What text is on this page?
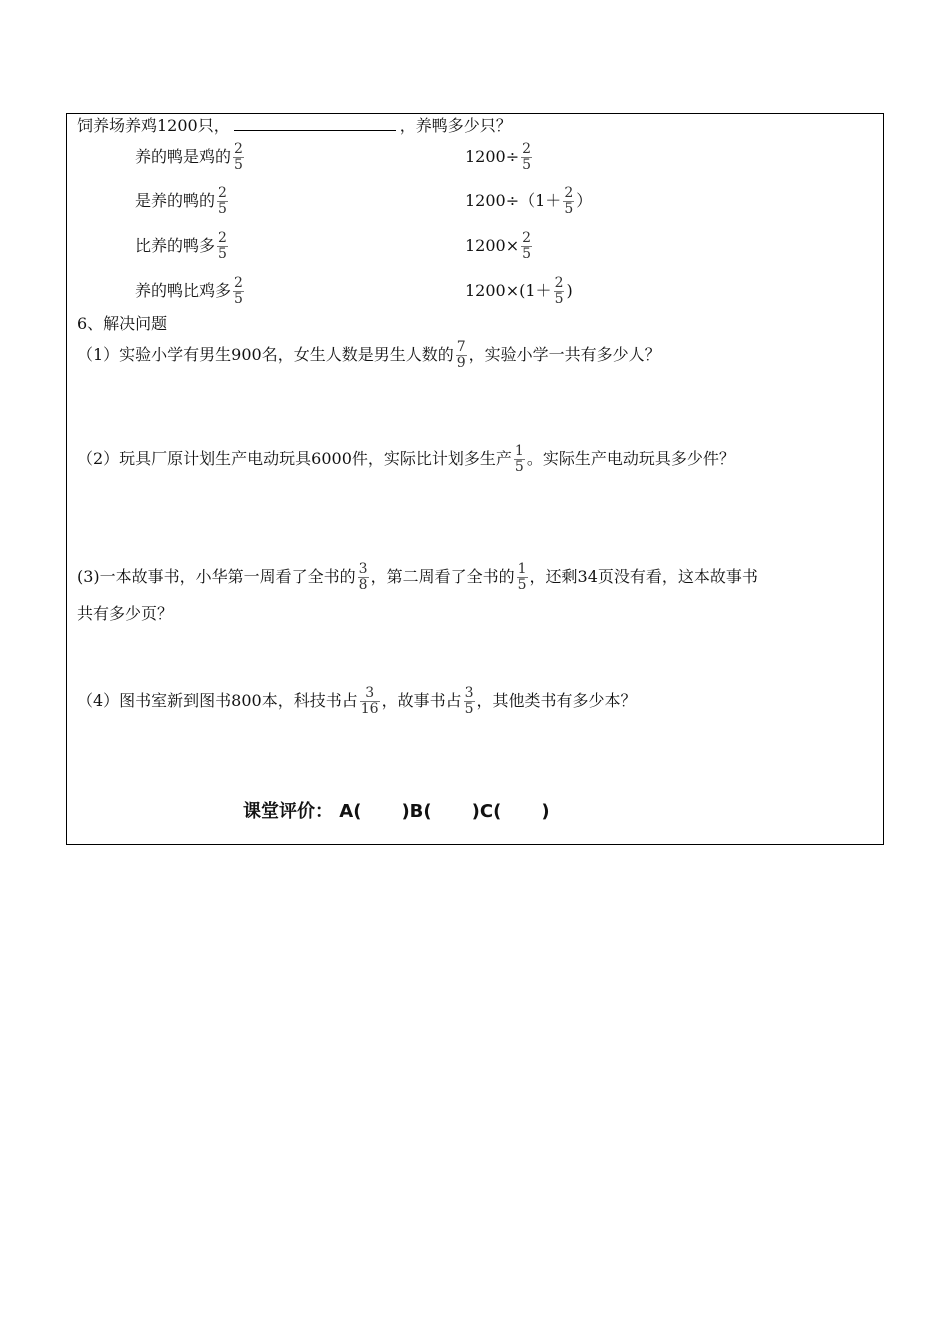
饲养场养鸡1200只，	，养鸭多少只？
养的鸭是鸡的 $\frac{2}{5}$
是养的鸭的 $\frac{2}{5}$
比养的鸭多 $\frac{2}{5}$
养的鸭比鸡多 $\frac{2}{5}$
$1200\div \frac{2}{5}$
$1200\div(1+ \frac{2}{5}$ ）
$1200\times \frac{2}{5}$
$1200\times(1+ \frac{2}{5}$ )
6、解决问题
（1）实验小学有男生900名，女生人数是男生人数的 $\frac{7}{9}$ ，实验小学一共有多少人？
（2）玩具厂原计划生产电动玩具6000件，实际比计划多生产 $\frac{1}{5}$ 。实际生产电动玩具多少件？
(3)一本故事书，小华第一周看了全书的 $\frac{3}{8}$ ，第二周看了全书的 $\frac{1}{5}$ ，还剩34页没有看，这本故事书
共有多少页？
（4）图书室新到图书800本，科技书占 $\frac{3}{16}$ ，故事书占 $\frac{3}{5}$ ，其他类书有多少本？
课堂评价： A( )B( )C( )
